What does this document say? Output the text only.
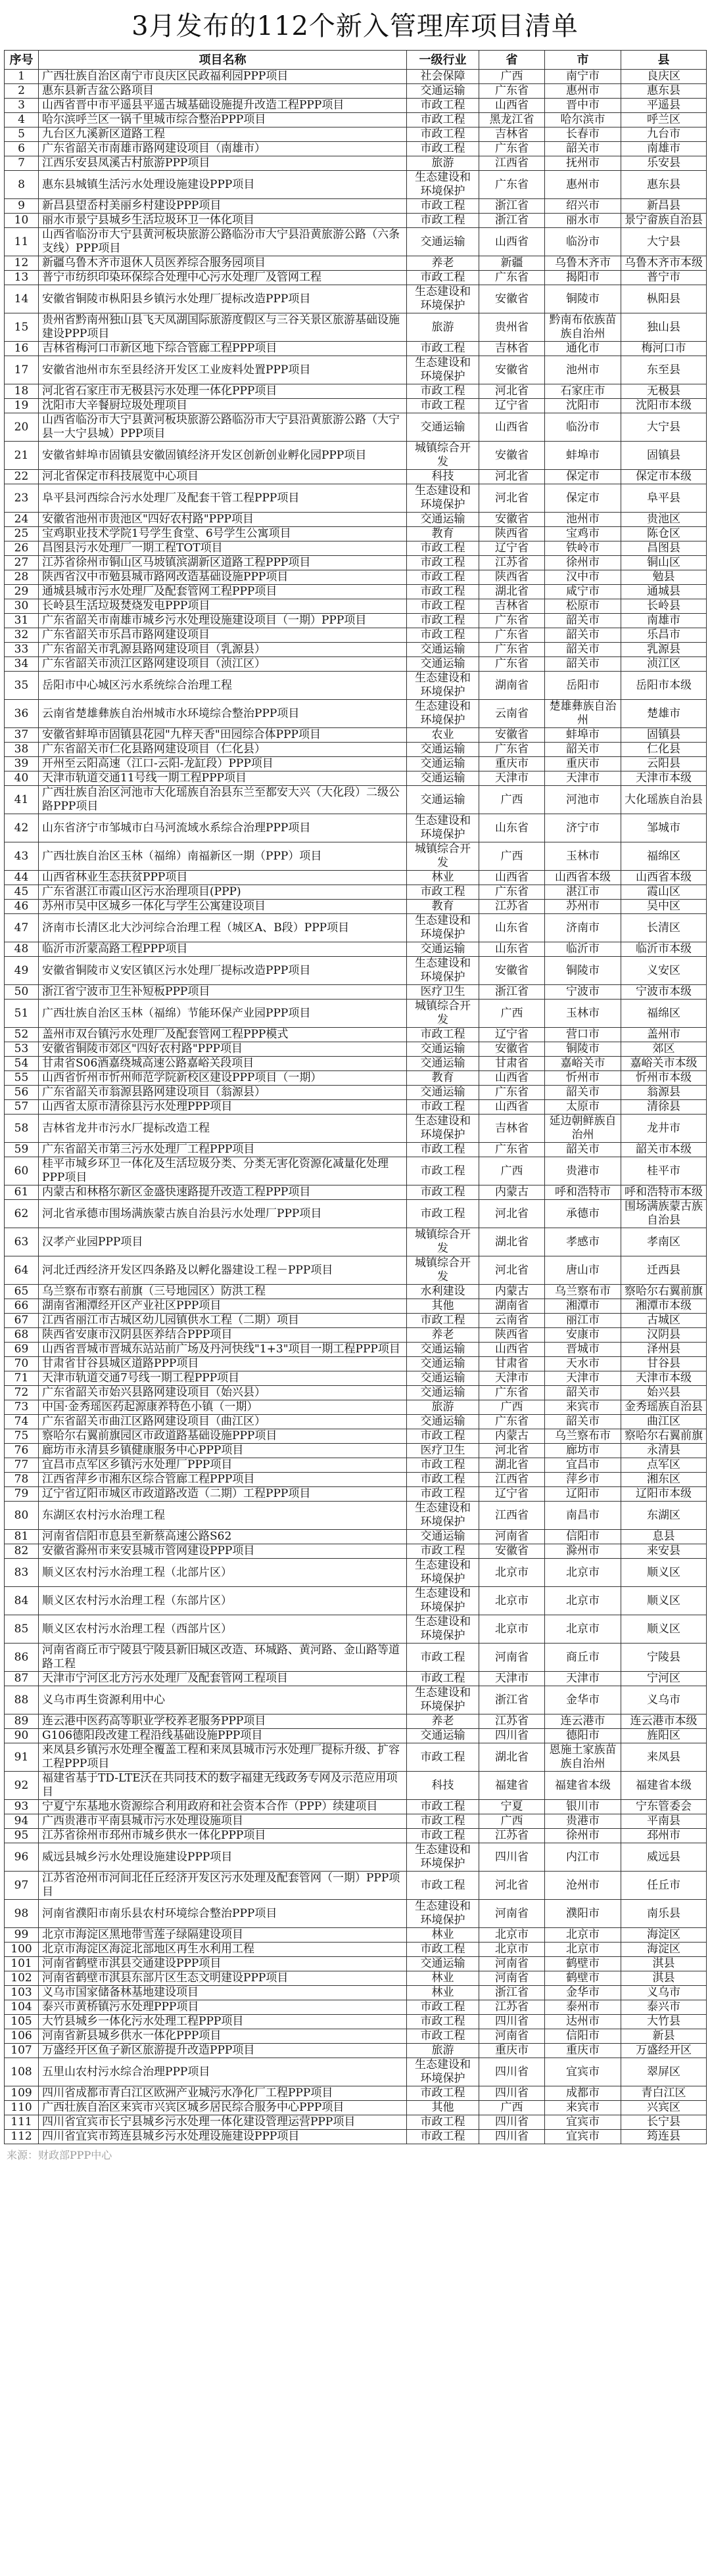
3月发布的112个新入管理库项目清单
序号	项目名称	一级行业	省	市	县
1	广西壮族自治区南宁市良庆区民政福利园PPP项目	社会保障	广西	南宁市	良庆区
2	惠东县新吉盆公路项目	交通运输	广东省	惠州市	惠东县
3	山西省晋中市平遥县平遥古城基础设施提升改造工程PPP项目	市政工程	山西省	晋中市	平遥县
4	哈尔滨呼兰区一锅千里城市综合整治PPP项目	市政工程	黑龙江省	哈尔滨市	呼兰区
5	九台区九溪新区道路工程	市政工程	吉林省	长春市	九台市
6	广东省韶关市南雄市路网建设项目（南雄市）	市政工程	广东省	韶关市	南雄市
7	江西乐安县凤溪古村旅游PPP项目	旅游	江西省	抚州市	乐安县
8	惠东县城镇生活污水处理设施建设PPP项目	生态建设和环境保护	广东省	惠州市	惠东县
9	新昌县望岙村美丽乡村建设PPP项目	市政工程	浙江省	绍兴市	新昌县
10	丽水市景宁县城乡生活垃圾环卫一体化项目	市政工程	浙江省	丽水市	景宁畲族自治县
11	山西省临汾市大宁县黄河板块旅游公路临汾市大宁县沿黄旅游公路（六条支线）PPP项目	交通运输	山西省	临汾市	大宁县
12	新疆乌鲁木齐市退休人员医养综合服务园项目	养老	新疆	乌鲁木齐市	乌鲁木齐市本级
13	普宁市纺织印染环保综合处理中心污水处理厂及管网工程	市政工程	广东省	揭阳市	普宁市
14	安徽省铜陵市枞阳县乡镇污水处理厂提标改造PPP项目	生态建设和环境保护	安徽省	铜陵市	枞阳县
15	贵州省黔南州独山县飞天凤湖国际旅游度假区与三谷关景区旅游基础设施建设PPP项目	旅游	贵州省	黔南布依族苗族自治州	独山县
16	吉林省梅河口市新区地下综合管廊工程PPP项目	市政工程	吉林省	通化市	梅河口市
17	安徽省池州市东至县经济开发区工业废料处置PPP项目	生态建设和环境保护	安徽省	池州市	东至县
18	河北省石家庄市无极县污水处理一体化PPP项目	市政工程	河北省	石家庄市	无极县
19	沈阳市大辛餐厨垃圾处理项目	市政工程	辽宁省	沈阳市	沈阳市本级
20	山西省临汾市大宁县黄河板块旅游公路临汾市大宁县沿黄旅游公路（大宁县一大宁县城）PPP项目	交通运输	山西省	临汾市	大宁县
21	安徽省蚌埠市固镇县安徽固镇经济开发区创新创业孵化园PPP项目	城镇综合开发	安徽省	蚌埠市	固镇县
22	河北省保定市科技展览中心项目	科技	河北省	保定市	保定市本级
23	阜平县河西综合污水处理厂及配套干管工程PPP项目	生态建设和环境保护	河北省	保定市	阜平县
24	安徽省池州市贵池区"四好农村路"PPP项目	交通运输	安徽省	池州市	贵池区
25	宝鸡职业技术学院1号学生食堂、6号学生公寓项目	教育	陕西省	宝鸡市	陈仓区
26	昌图县污水处理厂一期工程TOT项目	市政工程	辽宁省	铁岭市	昌图县
27	江苏省徐州市铜山区马坡镇滨湖新区道路工程PPP项目	市政工程	江苏省	徐州市	铜山区
28	陕西省汉中市勉县城市路网改造基础设施PPP项目	市政工程	陕西省	汉中市	勉县
29	通城县城市污水处理厂及配套管网工程PPP项目	市政工程	湖北省	咸宁市	通城县
30	长岭县生活垃圾焚烧发电PPP项目	市政工程	吉林省	松原市	长岭县
31	广东省韶关市南雄市城乡污水处理设施建设项目（一期）PPP项目	市政工程	广东省	韶关市	南雄市
32	广东省韶关市乐昌市路网建设项目	市政工程	广东省	韶关市	乐昌市
33	广东省韶关市乳源县路网建设项目（乳源县）	交通运输	广东省	韶关市	乳源县
34	广东省韶关市浈江区路网建设项目（浈江区）	交通运输	广东省	韶关市	浈江区
35	岳阳市中心城区污水系统综合治理工程	生态建设和环境保护	湖南省	岳阳市	岳阳市本级
36	云南省楚雄彝族自治州城市水环境综合整治PPP项目	生态建设和环境保护	云南省	楚雄彝族自治州	楚雄市
37	安徽省蚌埠市固镇县花园"九梓天香"田园综合体PPP项目	农业	安徽省	蚌埠市	固镇县
38	广东省韶关市仁化县路网建设项目（仁化县）	交通运输	广东省	韶关市	仁化县
39	开州至云阳高速（江口-云阳-龙缸段）PPP项目	交通运输	重庆市	重庆市	云阳县
40	天津市轨道交通11号线一期工程PPP项目	交通运输	天津市	天津市	天津市本级
41	广西壮族自治区河池市大化瑶族自治县东兰至都安大兴（大化段）二级公路PPP项目	交通运输	广西	河池市	大化瑶族自治县
42	山东省济宁市邹城市白马河流域水系综合治理PPP项目	生态建设和环境保护	山东省	济宁市	邹城市
43	广西壮族自治区玉林（福绵）南福新区一期（PPP）项目	城镇综合开发	广西	玉林市	福绵区
44	山西省林业生态扶贫PPP项目	林业	山西省	山西省本级	山西省本级
45	广东省湛江市霞山区污水治理项目(PPP)	市政工程	广东省	湛江市	霞山区
46	苏州市吴中区城乡一体化与学生公寓建设项目	教育	江苏省	苏州市	吴中区
47	济南市长清区北大沙河综合治理工程（城区A、B段）PPP项目	生态建设和环境保护	山东省	济南市	长清区
48	临沂市沂蒙高路工程PPP项目	交通运输	山东省	临沂市	临沂市本级
49	安徽省铜陵市义安区镇区污水处理厂提标改造PPP项目	生态建设和环境保护	安徽省	铜陵市	义安区
50	浙江省宁波市卫生补短板PPP项目	医疗卫生	浙江省	宁波市	宁波市本级
51	广西壮族自治区玉林（福绵）节能环保产业园PPP项目	城镇综合开发	广西	玉林市	福绵区
52	盖州市双台镇污水处理厂及配套管网工程PPP模式	市政工程	辽宁省	营口市	盖州市
53	安徽省铜陵市郊区"四好农村路"PPP项目	交通运输	安徽省	铜陵市	郊区
54	甘肃省S06酒嘉绕城高速公路嘉峪关段项目	交通运输	甘肃省	嘉峪关市	嘉峪关市本级
55	山西省忻州市忻州师范学院新校区建设PPP项目（一期）	教育	山西省	忻州市	忻州市本级
56	广东省韶关市翁源县路网建设项目（翁源县）	交通运输	广东省	韶关市	翁源县
57	山西省太原市清徐县污水处理PPP项目	市政工程	山西省	太原市	清徐县
58	吉林省龙井市污水厂提标改造工程	生态建设和环境保护	吉林省	延边朝鲜族自治州	龙井市
59	广东省韶关市第三污水处理厂工程PPP项目	市政工程	广东省	韶关市	韶关市本级
60	桂平市城乡环卫一体化及生活垃圾分类、分类无害化资源化减量化处理PPP项目	市政工程	广西	贵港市	桂平市
61	内蒙古和林格尔新区金盛快速路提升改造工程PPP项目	市政工程	内蒙古	呼和浩特市	呼和浩特市本级
62	河北省承德市围场满族蒙古族自治县污水处理厂PPP项目	市政工程	河北省	承德市	围场满族蒙古族自治县
63	汉孝产业园PPP项目	城镇综合开发	湖北省	孝感市	孝南区
64	河北迁西经济开发区四条路及以孵化器建设工程－PPP项目	城镇综合开发	河北省	唐山市	迁西县
65	乌兰察布市察右前旗（三号地园区）防洪工程	水利建设	内蒙古	乌兰察布市	察哈尔右翼前旗
66	湖南省湘潭经开区产业社区PPP项目	其他	湖南省	湘潭市	湘潭市本级
67	江西省丽江市古城区幼儿园镇供水工程（二期）项目	市政工程	云南省	丽江市	古城区
68	陕西省安康市汉阴县医养结合PPP项目	养老	陕西省	安康市	汉阴县
69	山西省晋城市晋城东站站前广场及丹河快线"1+3"项目一期工程PPP项目	交通运输	山西省	晋城市	泽州县
70	甘肃省甘谷县城区道路PPP项目	交通运输	甘肃省	天水市	甘谷县
71	天津市轨道交通7号线一期工程PPP项目	交通运输	天津市	天津市	天津市本级
72	广东省韶关市始兴县路网建设项目（始兴县）	交通运输	广东省	韶关市	始兴县
73	中国·金秀瑶医药起源康养特色小镇（一期）	旅游	广西	来宾市	金秀瑶族自治县
74	广东省韶关市曲江区路网建设项目（曲江区）	交通运输	广东省	韶关市	曲江区
75	察哈尔右翼前旗园区市政道路基础设施PPP项目	市政工程	内蒙古	乌兰察布市	察哈尔右翼前旗
76	廊坊市永清县乡镇健康服务中心PPP项目	医疗卫生	河北省	廊坊市	永清县
77	宜昌市点军区乡镇污水处理厂PPP项目	市政工程	湖北省	宜昌市	点军区
78	江西省萍乡市湘东区综合管廊工程PPP项目	市政工程	江西省	萍乡市	湘东区
79	辽宁省辽阳市城区市政道路改造（二期）工程PPP项目	市政工程	辽宁省	辽阳市	辽阳市本级
80	东湖区农村污水治理工程	生态建设和环境保护	江西省	南昌市	东湖区
81	河南省信阳市息县至新蔡高速公路S62	交通运输	河南省	信阳市	息县
82	安徽省滁州市来安县城市管网建设PPP项目	市政工程	安徽省	滁州市	来安县
83	顺义区农村污水治理工程（北部片区）	生态建设和环境保护	北京市	北京市	顺义区
84	顺义区农村污水治理工程（东部片区）	生态建设和环境保护	北京市	北京市	顺义区
85	顺义区农村污水治理工程（西部片区）	生态建设和环境保护	北京市	北京市	顺义区
86	河南省商丘市宁陵县宁陵县新旧城区改造、环城路、黄河路、金山路等道路工程	市政工程	河南省	商丘市	宁陵县
87	天津市宁河区北方污水处理厂及配套管网工程项目	市政工程	天津市	天津市	宁河区
88	义乌市再生资源利用中心	生态建设和环境保护	浙江省	金华市	义乌市
89	连云港中医药高等职业学校养老服务PPP项目	养老	江苏省	连云港市	连云港市本级
90	G106德阳段改建工程沿线基础设施PPP项目	交通运输	四川省	德阳市	旌阳区
91	来凤县乡镇污水处理全覆盖工程和来凤县城市污水处理厂提标升级、扩容工程PPP项目	市政工程	湖北省	恩施土家族苗族自治州	来凤县
92	福建省基于TD-LTE沃在共同技术的数字福建无线政务专网及示范应用项目	科技	福建省	福建省本级	福建省本级
93	宁夏宁东基地水资源综合利用政府和社会资本合作（PPP）续建项目	市政工程	宁夏	银川市	宁东管委会
94	广西贵港市平南县城市污水处理设施项目	市政工程	广西	贵港市	平南县
95	江苏省徐州市邳州市城乡供水一体化PPP项目	市政工程	江苏省	徐州市	邳州市
96	威远县城乡污水处理设施建设PPP项目	生态建设和环境保护	四川省	内江市	威远县
97	江苏省沧州市河间北任丘经济开发区污水处理及配套管网（一期）PPP项目	市政工程	河北省	沧州市	任丘市
98	河南省濮阳市南乐县农村环境综合整治PPP项目	生态建设和环境保护	河南省	濮阳市	南乐县
99	北京市海淀区黑地带雪莲子绿隔建设项目	林业	北京市	北京市	海淀区
100	北京市海淀区海淀北部地区再生水利用工程	市政工程	北京市	北京市	海淀区
101	河南省鹤壁市淇县交通建设PPP项目	交通运输	河南省	鹤壁市	淇县
102	河南省鹤壁市淇县东部片区生态文明建设PPP项目	林业	河南省	鹤壁市	淇县
103	义乌市国家储备林基地建设项目	林业	浙江省	金华市	义乌市
104	泰兴市黄桥镇污水处理PPP项目	市政工程	江苏省	泰州市	泰兴市
105	大竹县城乡一体化污水处理工程PPP项目	市政工程	四川省	达州市	大竹县
106	河南省新县城乡供水一体化PPP项目	市政工程	河南省	信阳市	新县
107	万盛经开区鱼子新区旅游提升改造PPP项目	旅游	重庆市	重庆市	万盛经开区
108	五里山农村污水综合治理PPP项目	生态建设和环境保护	四川省	宜宾市	翠屏区
109	四川省成都市青白江区欧洲产业城污水净化厂工程PPP项目	市政工程	四川省	成都市	青白江区
110	广西壮族自治区来宾市兴宾区城乡居民综合服务中心PPP项目	其他	广西	来宾市	兴宾区
111	四川省宜宾市长宁县城乡污水处理一体化建设管理运营PPP项目	市政工程	四川省	宜宾市	长宁县
112	四川省宜宾市筠连县城乡污水处理设施建设PPP项目	市政工程	四川省	宜宾市	筠连县
来源：财政部PPP中心
